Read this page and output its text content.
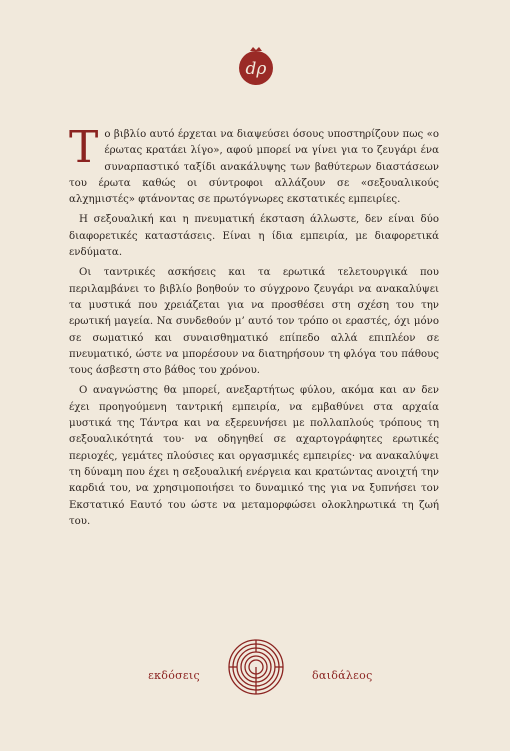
dρ

Το βιβλίο αυτό έρχεται να διαψεύσει όσους υποστηρίζουν πως «ο έρωτας κρατάει λίγο», αφού μπορεί να γίνει για το ζευγάρι ένα συναρπαστικό ταξίδι ανακάλυψης των βαθύτερων διαστάσεων του έρωτα καθώς οι σύντροφοι αλλάζουν σε «σεξουαλικούς αλχημιστές» φτάνοντας σε πρωτόγνωρες εκστατικές εμπειρίες.

Η σεξουαλική και η πνευματική έκσταση άλλωστε, δεν είναι δύο διαφορετικές καταστάσεις. Είναι η ίδια εμπειρία, με διαφορετικά ενδύματα.

Οι ταντρικές ασκήσεις και τα ερωτικά τελετουργικά που περιλαμβάνει το βιβλίο βοηθούν το σύγχρονο ζευγάρι να ανακαλύψει τα μυστικά που χρειάζεται για να προσθέσει στη σχέση του την ερωτική μαγεία. Να συνδεθούν μ’ αυτό τον τρόπο οι εραστές, όχι μόνο σε σωματικό και συναισθηματικό επίπεδο αλλά επιπλέον σε πνευματικό, ώστε να μπορέσουν να διατηρήσουν τη φλόγα του πάθους τους άσβεστη στο βάθος του χρόνου.

Ο αναγνώστης θα μπορεί, ανεξαρτήτως φύλου, ακόμα και αν δεν έχει προηγούμενη ταντρική εμπειρία, να εμβαθύνει στα αρχαία μυστικά της Τάντρα και να εξερευνήσει με πολλαπλούς τρόπους τη σεξουαλικότητά του· να οδηγηθεί σε αχαρτογράφητες ερωτικές περιοχές, γεμάτες πλούσιες και οργασμικές εμπειρίες· να ανακαλύψει τη δύναμη που έχει η σεξουαλική ενέργεια και κρατώντας ανοιχτή την καρδιά του, να χρησιμοποιήσει το δυναμικό της για να ξυπνήσει τον Εκστατικό Εαυτό του ώστε να μεταμορφώσει ολοκληρωτικά τη ζωή του.

εκδόσεις	δαιδάλεος
